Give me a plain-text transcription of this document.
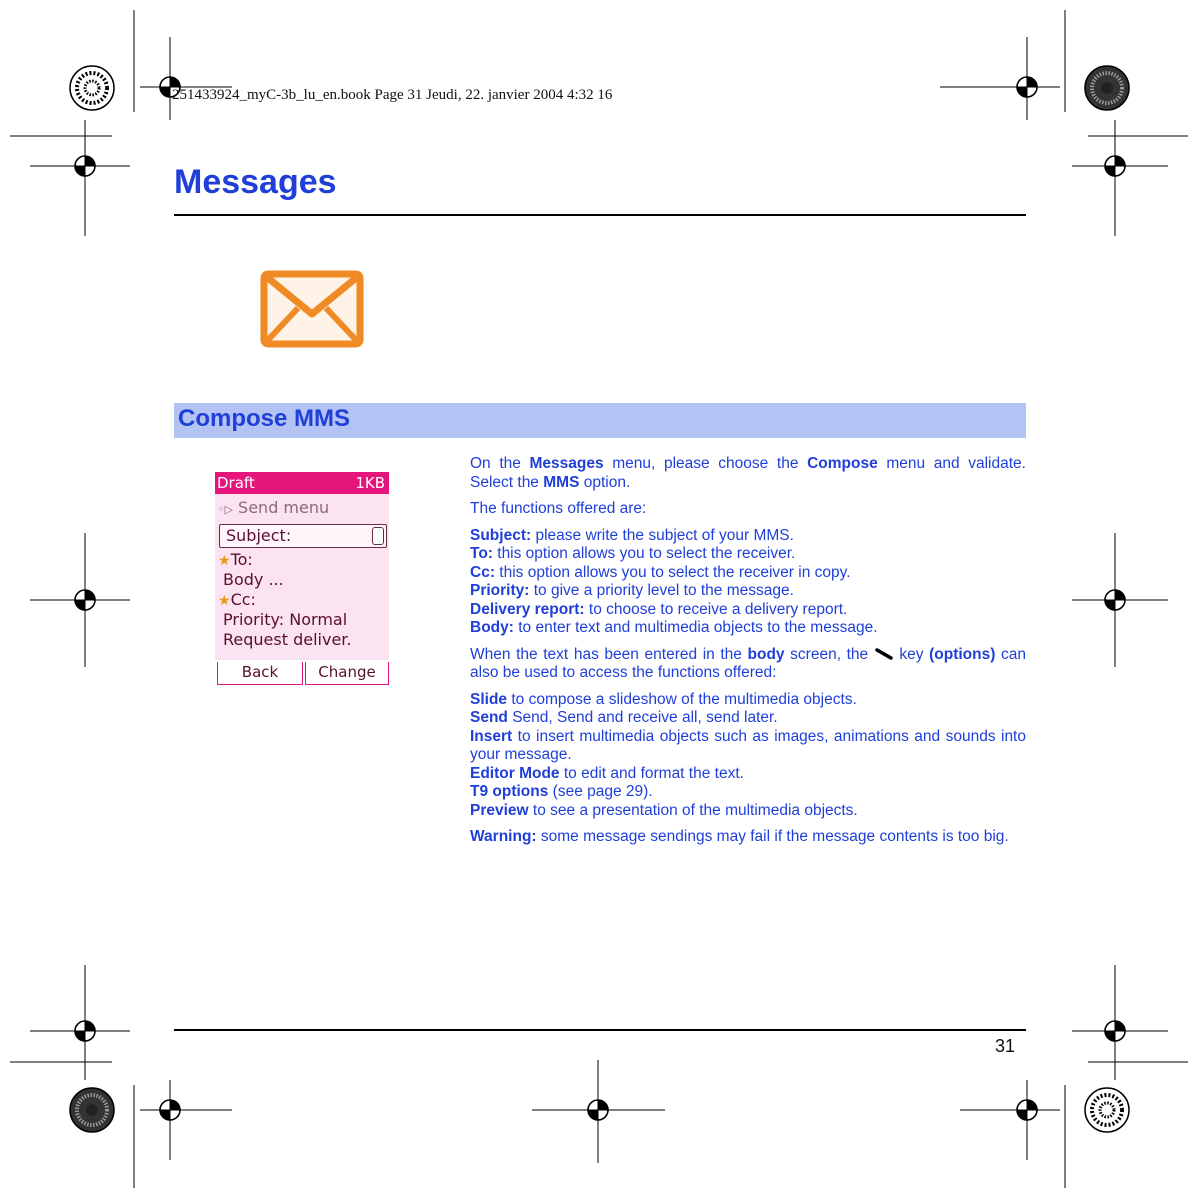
251433924_myC-3b_lu_en.book Page 31 Jeudi, 22. janvier 2004 4:32 16
Messages
Compose MMS
Draft	1KB
◦▷ Send menu
Subject:
★To:
Body ...
★Cc:
Priority: Normal
Request deliver.
Back	Change

On the Messages menu, please choose the Compose menu and validate. Select the MMS option.

The functions offered are:

Subject: please write the subject of your MMS.
To: this option allows you to select the receiver.
Cc: this option allows you to select the receiver in copy.
Priority: to give a priority level to the message.
Delivery report: to choose to receive a delivery report.
Body: to enter text and multimedia objects to the message.

When the text has been entered in the body screen, the  key (options) can also be used to access the functions offered:

Slide to compose a slideshow of the multimedia objects.
Send Send, Send and receive all, send later.
Insert to insert multimedia objects such as images, animations and sounds into your message.
Editor Mode to edit and format the text.
T9 options (see page 29).
Preview to see a presentation of the multimedia objects.

Warning: some message sendings may fail if the message contents is too big.

31
